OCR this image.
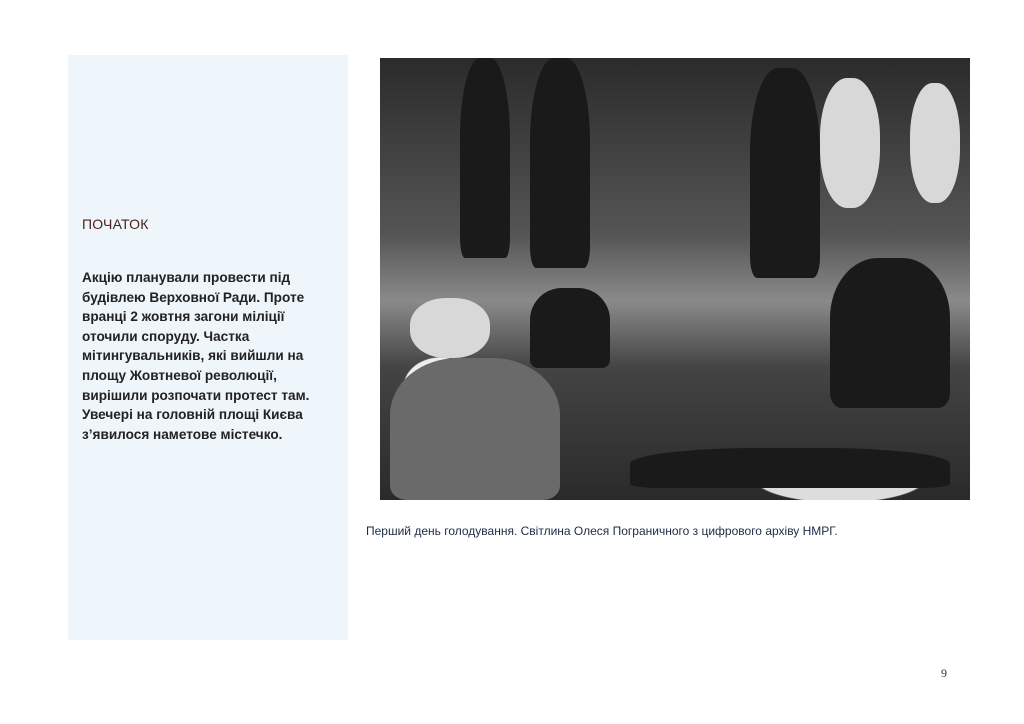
ПОЧАТОК
Акцію планували провести під
будівлею Верховної Ради. Проте
вранці 2 жовтня загони міліції
оточили споруду. Частка
мітингувальників, які вийшли на
площу Жовтневої революції,
вирішили розпочати протест там.
Увечері на головній площі Києва
з’явилося наметове містечко.
Перший день голодування. Світлина Олеся Пограничного з цифрового архіву НМРГ.
9
